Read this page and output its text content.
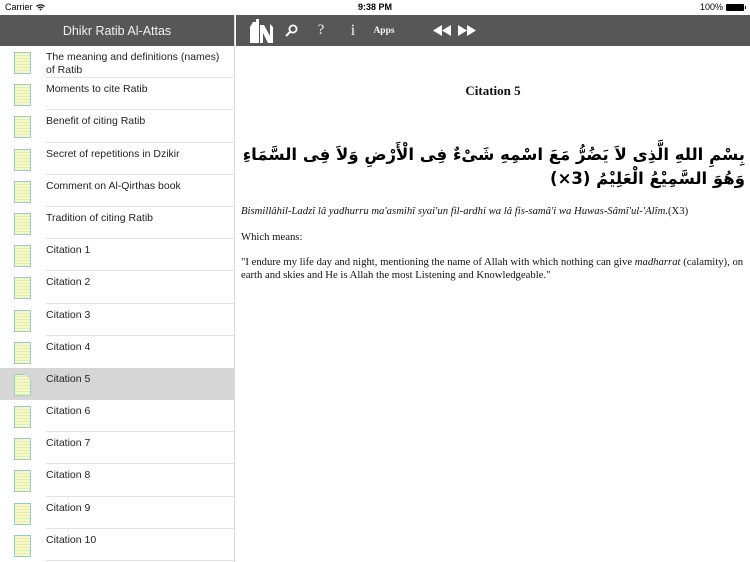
Carrier	9:38 PM	100%
Dhikr Ratib Al-Attas
The meaning and definitions (names) of Ratib
Moments to cite Ratib
Benefit of citing Ratib
Secret of repetitions in Dzikir
Comment on Al-Qirthas book
Tradition of citing Ratib
Citation 1
Citation 2
Citation 3
Citation 4
Citation 5
Citation 6
Citation 7
Citation 8
Citation 9
Citation 10
? i	Apps
Citation 5

بِسْمِ اللهِ الَّذِى لاَ يَضُرُّ مَعَ اسْمِهِ شَىْءٌ فِى الْأَرْضِ وَلاَ فِى السَّمَاءِ وَهُوَ السَّمِيْعُ الْعَلِيْمُ (3×)

Bismillâhil-Ladzî lâ yadhurru ma'asmihî syai'un fil-ardhi wa lâ fis-samâ'i wa Huwas-Sâmî'ul-'Alîm.(X3)

Which means:

"I endure my life day and night, mentioning the name of Allah with which nothing can give madharrat (calamity), on earth and skies and He is Allah the most Listening and Knowledgeable."
